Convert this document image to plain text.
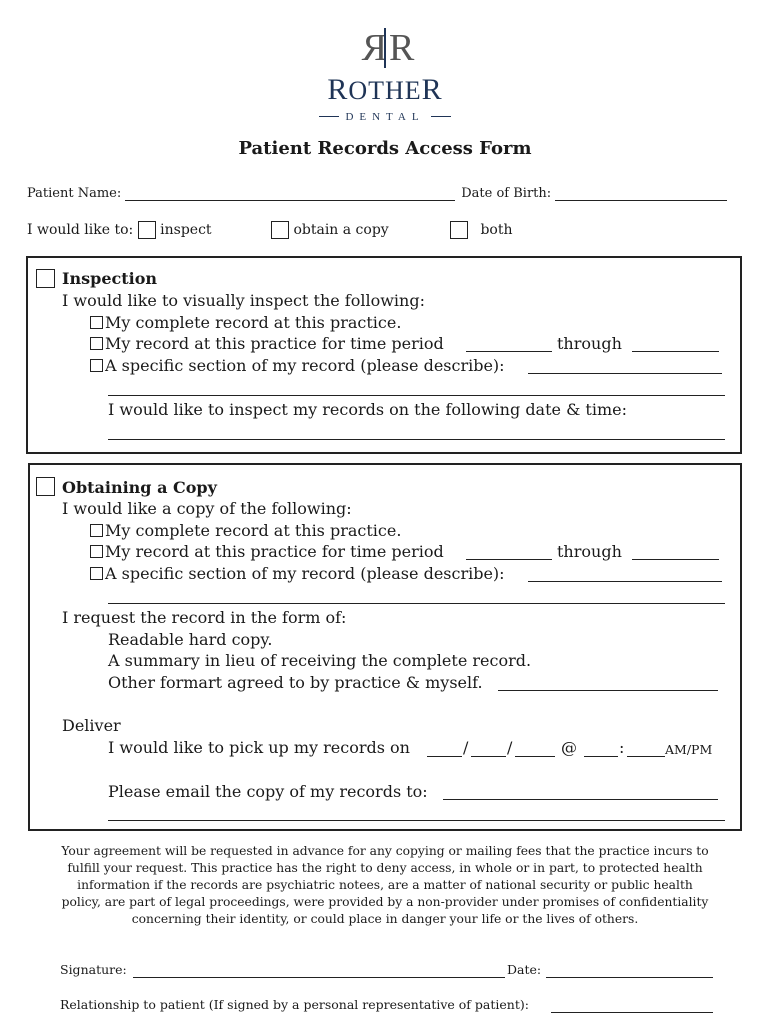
R R
ROTHER
DENTAL
Patient Records Access Form
Patient Name:	Date of Birth:
I would like to: inspect	obtain a copy	both
Inspection
I would like to visually inspect the following:
My complete record at this practice.
My record at this practice for time period	through
A specific section of my record (please describe):
I would like to inspect my records on the following date & time:
Obtaining a Copy
I would like a copy of the following:
My complete record at this practice.
My record at this practice for time period	through
A specific section of my record (please describe):
I request the record in the form of:
Readable hard copy.
A summary in lieu of receiving the complete record.
Other formart agreed to by practice & myself.
Deliver
I would like to pick up my records on	/ /	@	:	AM/PM
Please email the copy of my records to:
Your agreement will be requested in advance for any copying or mailing fees that the practice incurs to fulfill your request. This practice has the right to deny access, in whole or in part, to protected health information if the records are psychiatric notees, are a matter of national security or public health policy, are part of legal proceedings, were provided by a non-provider under promises of confidentiality concerning their identity, or could place in danger your life or the lives of others.
Signature:	Date:
Relationship to patient (If signed by a personal representative of patient):
